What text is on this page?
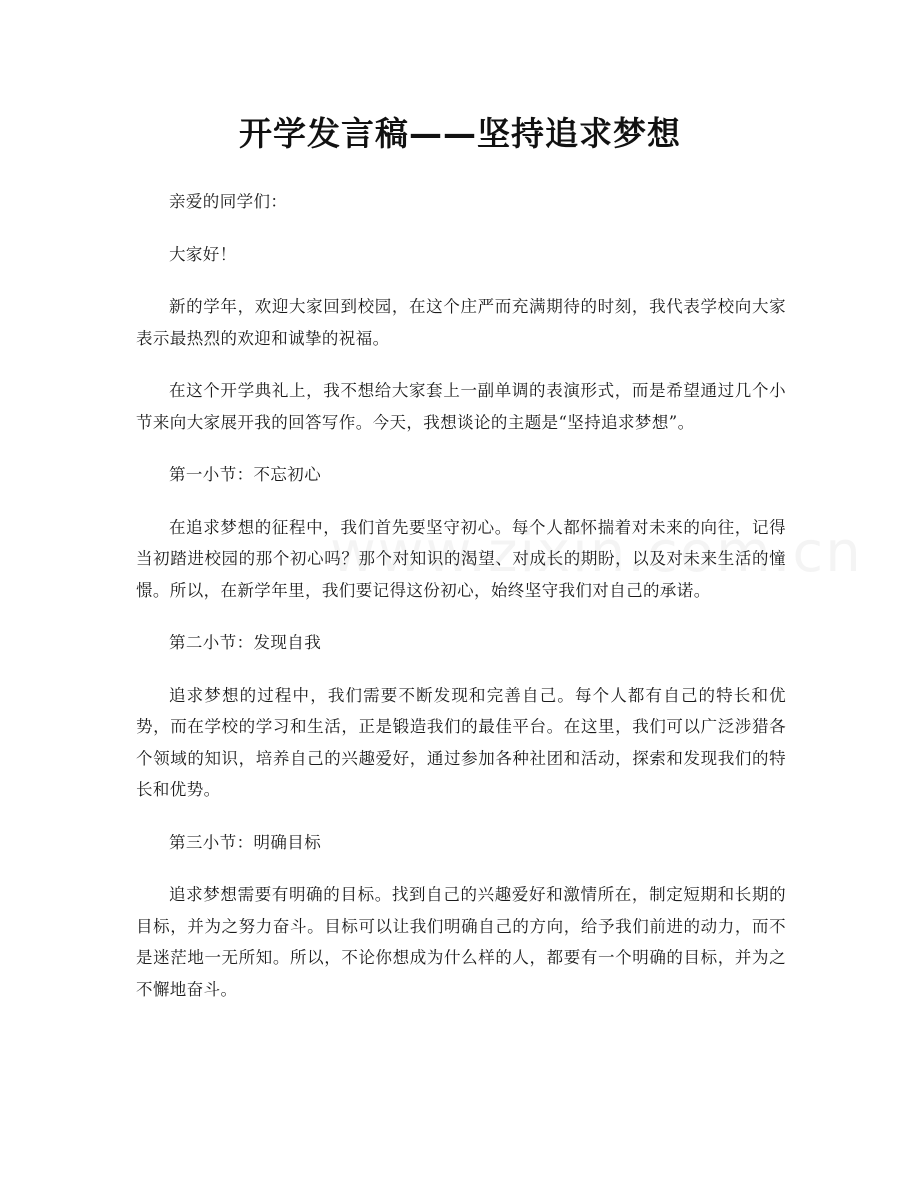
开学发言稿——坚持追求梦想

亲爱的同学们：

大家好！

新的学年，欢迎大家回到校园，在这个庄严而充满期待的时刻，我代表学校向大家表示最热烈的欢迎和诚挚的祝福。

在这个开学典礼上，我不想给大家套上一副单调的表演形式，而是希望通过几个小节来向大家展开我的回答写作。今天，我想谈论的主题是“坚持追求梦想”。

第一小节：不忘初心

在追求梦想的征程中，我们首先要坚守初心。每个人都怀揣着对未来的向往，记得当初踏进校园的那个初心吗？那个对知识的渴望、对成长的期盼，以及对未来生活的憧憬。所以，在新学年里，我们要记得这份初心，始终坚守我们对自己的承诺。

第二小节：发现自我

追求梦想的过程中，我们需要不断发现和完善自己。每个人都有自己的特长和优势，而在学校的学习和生活，正是锻造我们的最佳平台。在这里，我们可以广泛涉猎各个领域的知识，培养自己的兴趣爱好，通过参加各种社团和活动，探索和发现我们的特长和优势。

第三小节：明确目标

追求梦想需要有明确的目标。找到自己的兴趣爱好和激情所在，制定短期和长期的目标，并为之努力奋斗。目标可以让我们明确自己的方向，给予我们前进的动力，而不是迷茫地一无所知。所以，不论你想成为什么样的人，都要有一个明确的目标，并为之不懈地奋斗。
